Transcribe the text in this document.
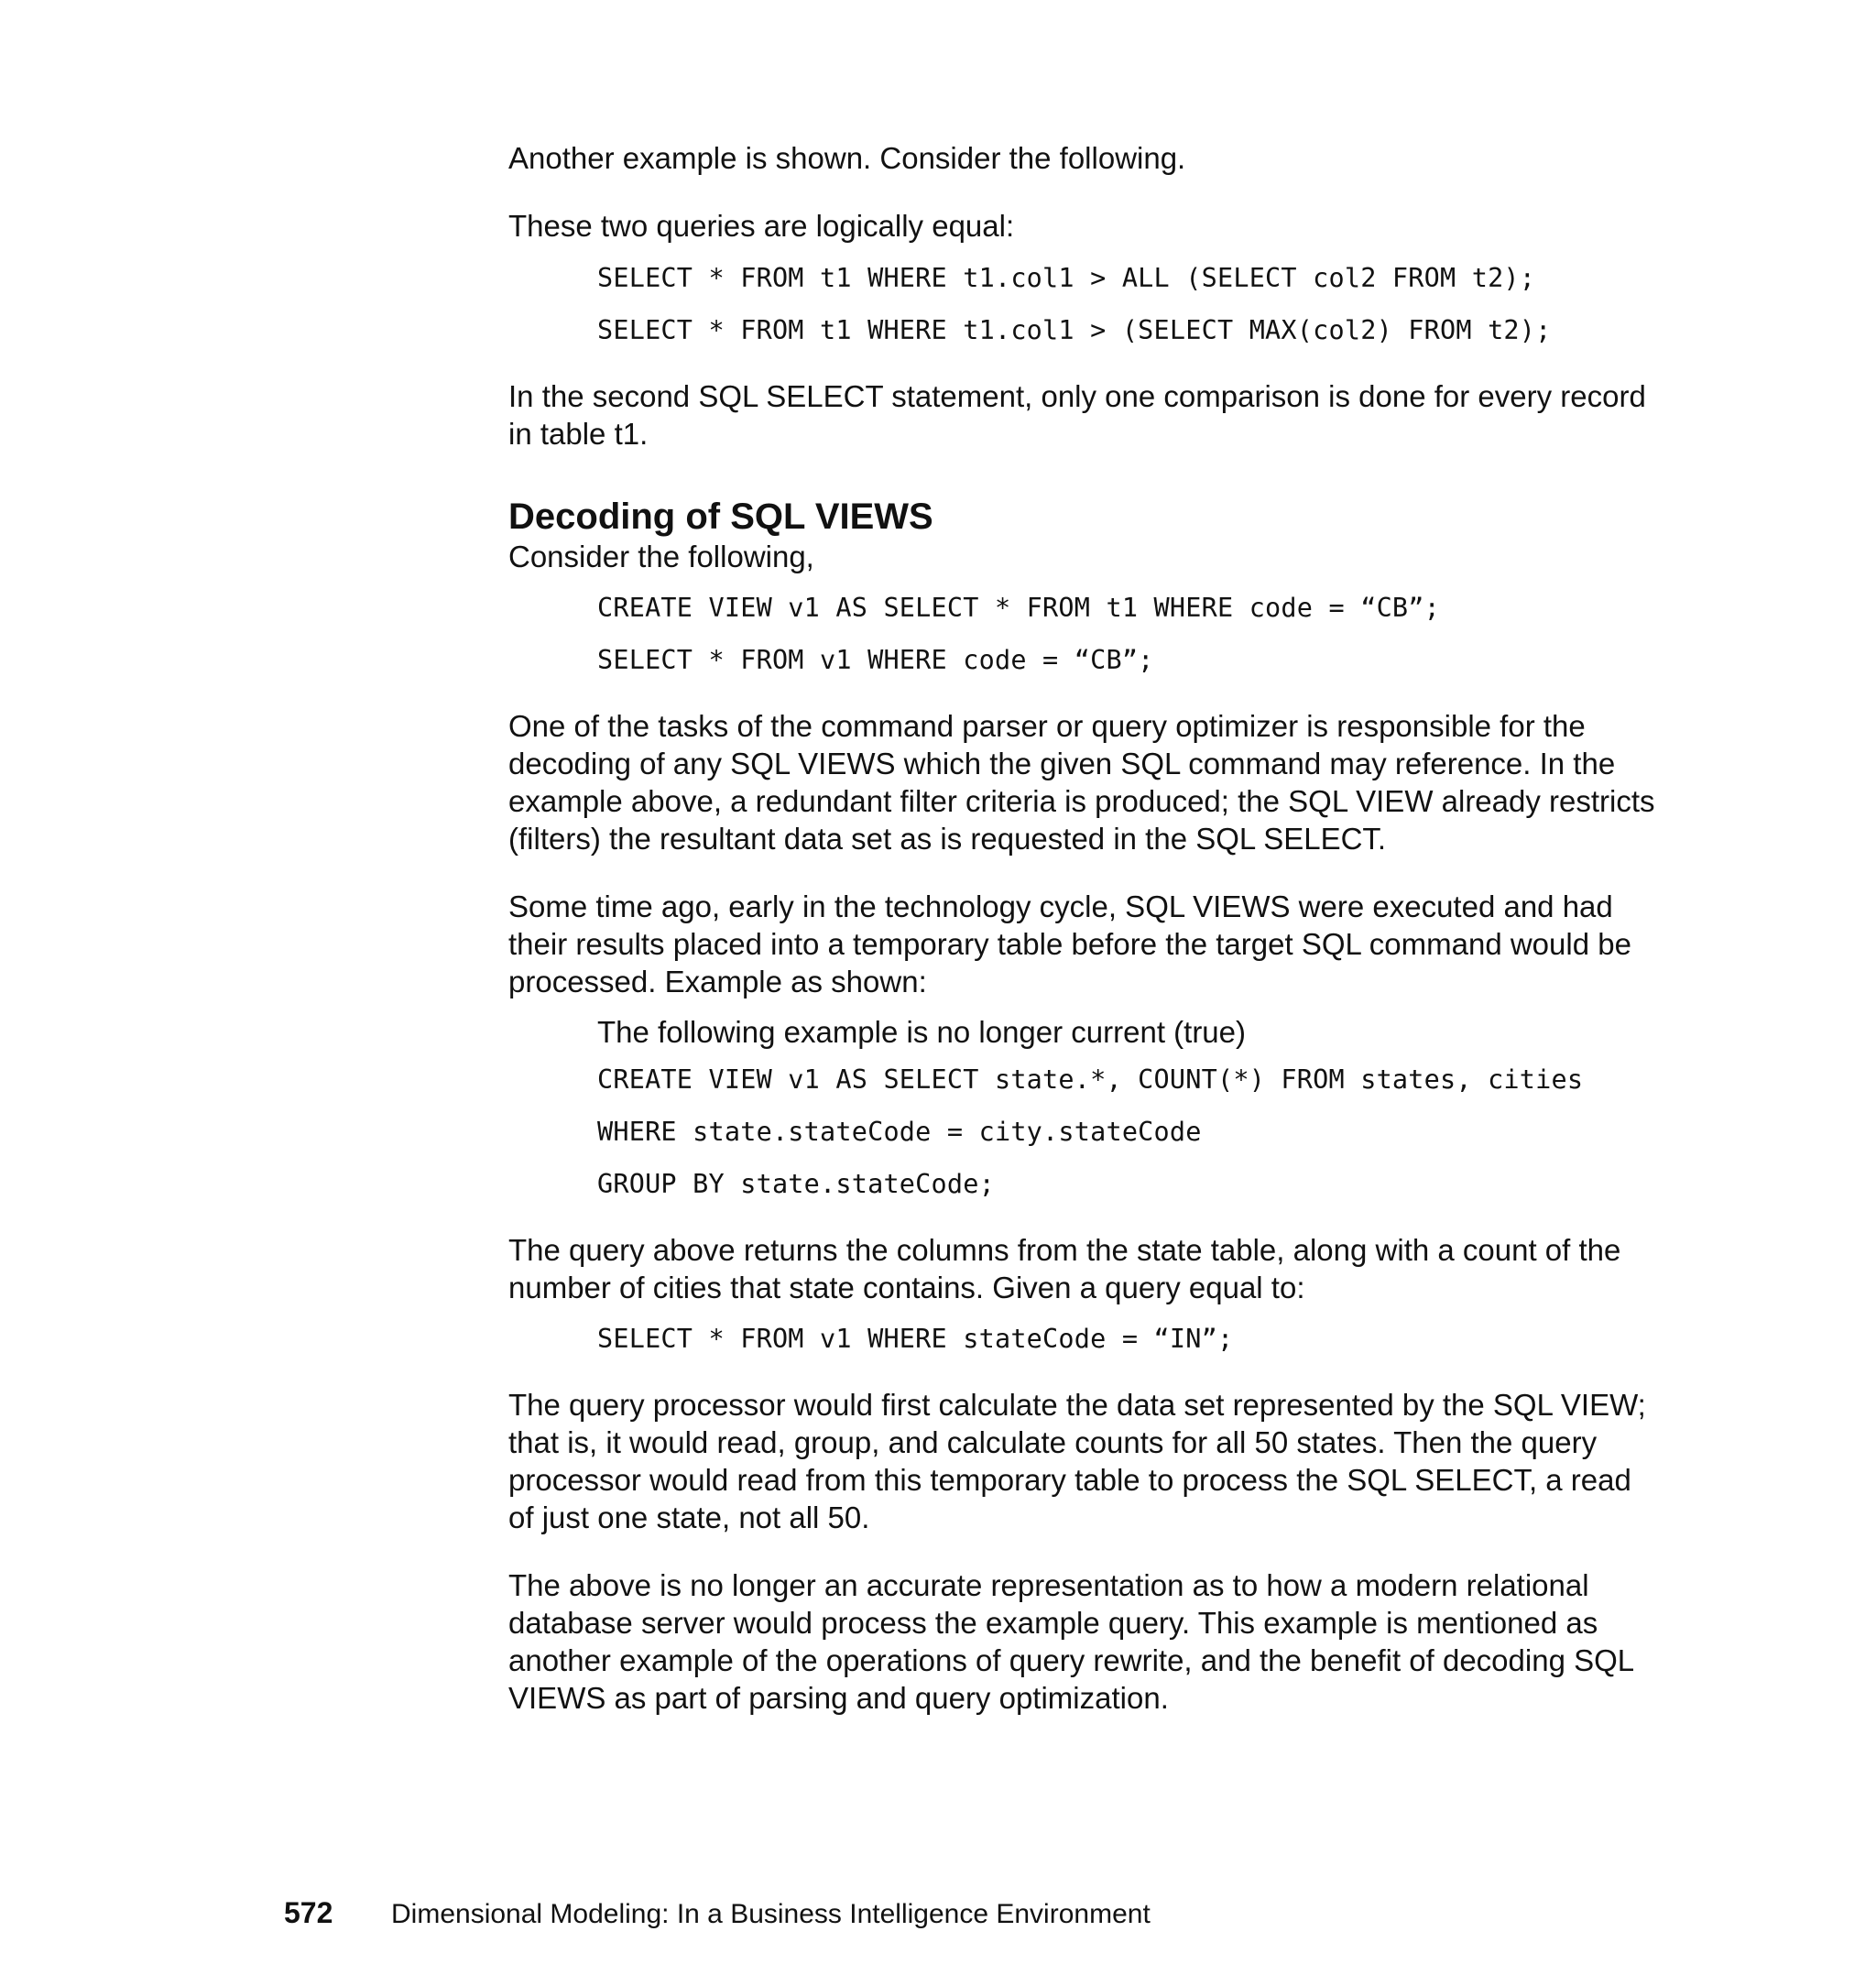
Another example is shown. Consider the following.

These two queries are logically equal:

SELECT * FROM t1 WHERE t1.col1 > ALL (SELECT col2 FROM t2);

SELECT * FROM t1 WHERE t1.col1 > (SELECT MAX(col2) FROM t2);

In the second SQL SELECT statement, only one comparison is done for every record in table t1.

Decoding of SQL VIEWS

Consider the following,

CREATE VIEW v1 AS SELECT * FROM t1 WHERE code = “CB”;

SELECT * FROM v1 WHERE code = “CB”;

One of the tasks of the command parser or query optimizer is responsible for the decoding of any SQL VIEWS which the given SQL command may reference. In the example above, a redundant filter criteria is produced; the SQL VIEW already restricts (filters) the resultant data set as is requested in the SQL SELECT.

Some time ago, early in the technology cycle, SQL VIEWS were executed and had their results placed into a temporary table before the target SQL command would be processed. Example as shown:

The following example is no longer current (true)

CREATE VIEW v1 AS SELECT state.*, COUNT(*) FROM states, cities

WHERE state.stateCode = city.stateCode

GROUP BY state.stateCode;

The query above returns the columns from the state table, along with a count of the number of cities that state contains. Given a query equal to:

SELECT * FROM v1 WHERE stateCode = “IN”;

The query processor would first calculate the data set represented by the SQL VIEW; that is, it would read, group, and calculate counts for all 50 states. Then the query processor would read from this temporary table to process the SQL SELECT, a read of just one state, not all 50.

The above is no longer an accurate representation as to how a modern relational database server would process the example query. This example is mentioned as another example of the operations of query rewrite, and the benefit of decoding SQL VIEWS as part of parsing and query optimization.

572 Dimensional Modeling: In a Business Intelligence Environment
